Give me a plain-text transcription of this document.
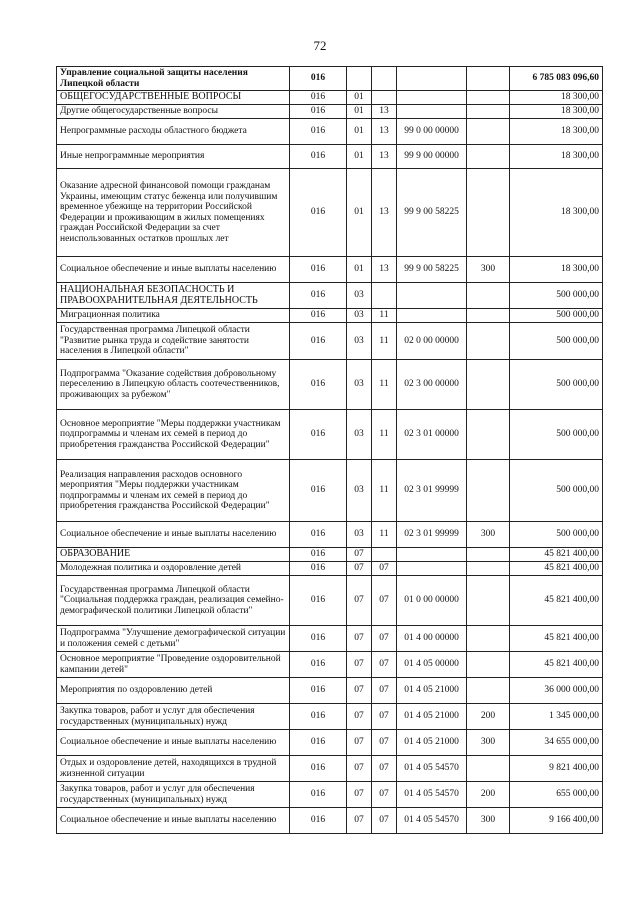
72
Управление социальной защиты населения Липецкой области	016					6 785 083 096,60
ОБЩЕГОСУДАРСТВЕННЫЕ ВОПРОСЫ	016	01				18 300,00
Другие общегосударственные вопросы	016	01	13			18 300,00
Непрограммные расходы областного бюджета	016	01	13	99 0 00 00000		18 300,00
Иные непрограммные мероприятия	016	01	13	99 9 00 00000		18 300,00
Оказание адресной финансовой помощи гражданам Украины, имеющим статус беженца или получившим временное убежище на территории Российской Федерации и проживающим в жилых помещениях граждан Российской Федерации за счет неиспользованных остатков прошлых лет	016	01	13	99 9 00 58225		18 300,00
Социальное обеспечение и иные выплаты населению	016	01	13	99 9 00 58225	300	18 300,00
НАЦИОНАЛЬНАЯ БЕЗОПАСНОСТЬ И ПРАВООХРАНИТЕЛЬНАЯ ДЕЯТЕЛЬНОСТЬ	016	03				500 000,00
Миграционная политика	016	03	11			500 000,00
Государственная программа Липецкой области "Развитие рынка труда и содействие занятости населения в Липецкой области"	016	03	11	02 0 00 00000		500 000,00
Подпрограмма "Оказание содействия добровольному переселению в Липецкую область соотечественников, проживающих за рубежом"	016	03	11	02 3 00 00000		500 000,00
Основное мероприятие "Меры поддержки участникам подпрограммы и членам их семей в период до приобретения гражданства Российской Федерации"	016	03	11	02 3 01 00000		500 000,00
Реализация направления расходов основного мероприятия "Меры поддержки участникам подпрограммы и членам их семей в период до приобретения гражданства Российской Федерации"	016	03	11	02 3 01 99999		500 000,00
Социальное обеспечение и иные выплаты населению	016	03	11	02 3 01 99999	300	500 000,00
ОБРАЗОВАНИЕ	016	07				45 821 400,00
Молодежная политика и оздоровление детей	016	07	07			45 821 400,00
Государственная программа Липецкой области "Социальная поддержка граждан, реализация семейно-демографической политики Липецкой области"	016	07	07	01 0 00 00000		45 821 400,00
Подпрограмма "Улучшение демографической ситуации и положения семей с детьми"	016	07	07	01 4 00 00000		45 821 400,00
Основное мероприятие "Проведение оздоровительной кампании детей"	016	07	07	01 4 05 00000		45 821 400,00
Мероприятия по оздоровлению детей	016	07	07	01 4 05 21000		36 000 000,00
Закупка товаров, работ и услуг для обеспечения государственных (муниципальных) нужд	016	07	07	01 4 05 21000	200	1 345 000,00
Социальное обеспечение и иные выплаты населению	016	07	07	01 4 05 21000	300	34 655 000,00
Отдых и оздоровление детей, находящихся в трудной жизненной ситуации	016	07	07	01 4 05 54570		9 821 400,00
Закупка товаров, работ и услуг для обеспечения государственных (муниципальных) нужд	016	07	07	01 4 05 54570	200	655 000,00
Социальное обеспечение и иные выплаты населению	016	07	07	01 4 05 54570	300	9 166 400,00
